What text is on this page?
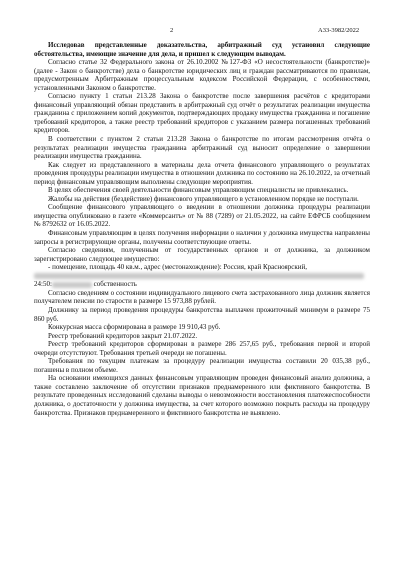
2	А33-3982/2022

Исследовав представленные доказательства, арбитражный суд установил следующие обстоятельства, имеющие значение для дела, и пришел к следующим выводам.

Согласно статье 32 Федерального закона от 26.10.2002 №127-ФЗ «О несостоятельности (банкротстве)» (далее - Закон о банкротстве) дела о банкротстве юридических лиц и граждан рассматриваются по правилам, предусмотренным Арбитражным процессуальным кодексом Российской Федерации, с особенностями, установленными Законом о банкротстве.

Согласно пункту 1 статьи 213.28 Закона о банкротстве после завершения расчётов с кредиторами финансовый управляющий обязан представить в арбитражный суд отчёт о результатах реализации имущества гражданина с приложением копий документов, подтверждающих продажу имущества гражданина и погашение требований кредиторов, а также реестр требований кредиторов с указанием размера погашенных требований кредиторов.

В соответствии с пунктом 2 статьи 213.28 Закона о банкротстве по итогам рассмотрения отчёта о результатах реализации имущества гражданина арбитражный суд выносит определение о завершении реализации имущества гражданина.

Как следует из представленного в материалы дела отчета финансового управляющего о результатах проведения процедуры реализации имущества в отношении должника по состоянию на 26.10.2022, за отчетный период финансовым управляющим выполнены следующие мероприятия.

В целях обеспечения своей деятельности финансовым управляющим специалисты не привлекались.

Жалобы на действия (бездействие) финансового управляющего в установленном порядке не поступали.

Сообщение финансового управляющего о введении в отношении должника процедуры реализации имущества опубликовано в газете «Коммерсантъ» от № 88 (7289) от 21.05.2022, на сайте ЕФРСБ сообщением № 8792632 от 16.05.2022.

Финансовым управляющим в целях получения информации о наличии у должника имущества направлены запросы в регистрирующие органы, получены соответствующие ответы.

Согласно сведениям, полученным от государственных органов и от должника, за должником зарегистрировано следующее имущество:

- помещение, площадь 40 кв.м., адрес (местонахождение): Россия, край Красноярский,

24:50:	собственность

Согласно сведениям о состоянии индивидуального лицевого счета застрахованного лица должник является получателем пенсии по старости в размере 15 973,88 рублей.

Должнику за период проведения процедуры банкротства выплачен прожиточный минимум в размере 75 860 руб.

Конкурсная масса сформирована в размере 19 910,43 руб.

Реестр требований кредиторов закрыт 21.07.2022.

Реестр требований кредиторов сформирован в размере 286 257,65 руб., требования первой и второй очереди отсутствуют. Требования третьей очереди не погашены.

Требования по текущим платежам за процедуру реализации имущества составили 20 035,38 руб., погашены в полном объеме.

На основании имеющихся данных финансовым управляющим проведен финансовый анализ должника, а также составлено заключение об отсутствии признаков преднамеренного или фиктивного банкротства. В результате проведенных исследований сделаны выводы о невозможности восстановления платежеспособности должника, о достаточности у должника имущества, за счет которого возможно покрыть расходы на процедуру банкротства. Признаков преднамеренного и фиктивного банкротства не выявлено.
